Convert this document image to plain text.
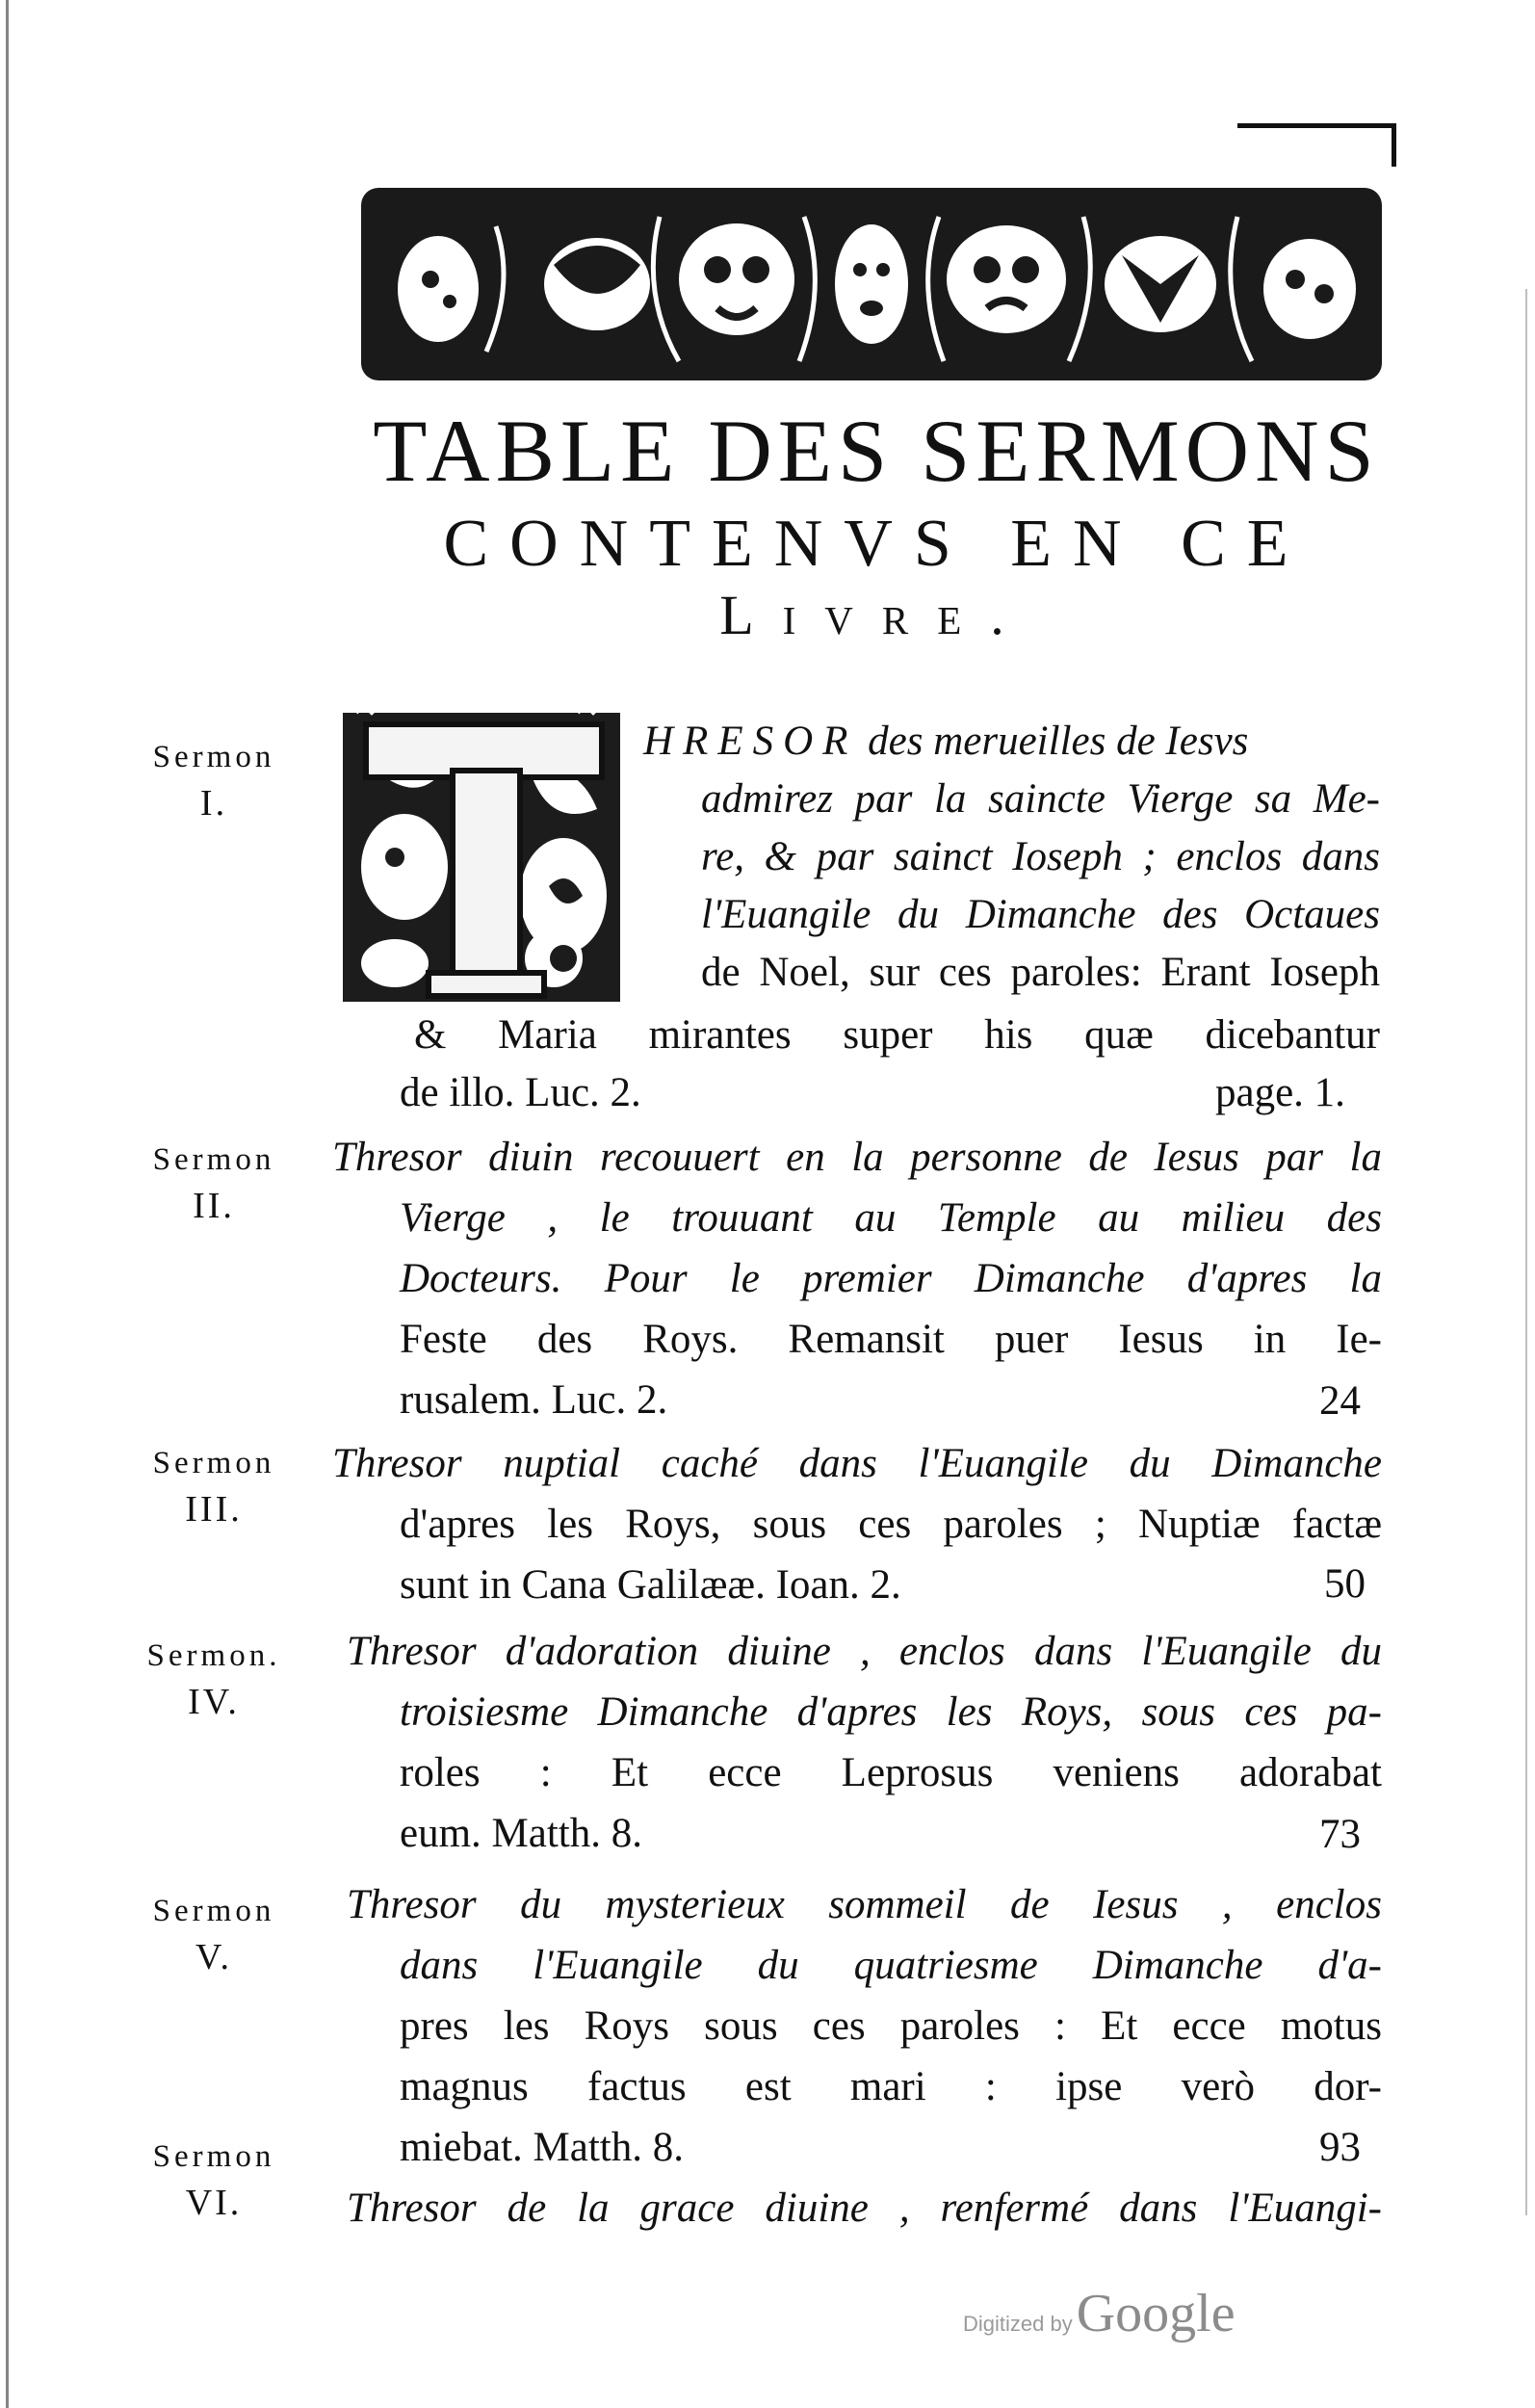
TABLE DES SERMONS
CONTENVS EN CE
Livre.
Sermon
I.
HRESOR des merueilles de Iesvs
admirez par la saincte Vierge sa Me-
re, & par sainct Ioseph ; enclos dans
l'Euangile du Dimanche des Octaues
de Noel, sur ces paroles: Erant Ioseph
& Maria mirantes super his quæ dicebantur
de illo. Luc. 2.	page. 1.
Sermon
II.
Thresor diuin recouuert en la personne de Iesus par la
Vierge , le trouuant au Temple au milieu des
Docteurs. Pour le premier Dimanche d'apres la
Feste des Roys. Remansit puer Iesus in Ie-
rusalem. Luc. 2.	24
Sermon
III.
Thresor nuptial caché dans l'Euangile du Dimanche
d'apres les Roys, sous ces paroles ; Nuptiæ factæ
sunt in Cana Galilææ. Ioan. 2.	50
Sermon.
IV.
Thresor d'adoration diuine , enclos dans l'Euangile du
troisiesme Dimanche d'apres les Roys, sous ces pa-
roles : Et ecce Leprosus veniens adorabat
eum. Matth. 8.	73
Sermon
V.
Thresor du mysterieux sommeil de Iesus , enclos
dans l'Euangile du quatriesme Dimanche d'a-
pres les Roys sous ces paroles : Et ecce motus
magnus factus est mari : ipse verò dor-
miebat. Matth. 8.	93
Sermon
VI.	Thresor de la grace diuine , renfermé dans l'Euangi-
Digitized by Google
